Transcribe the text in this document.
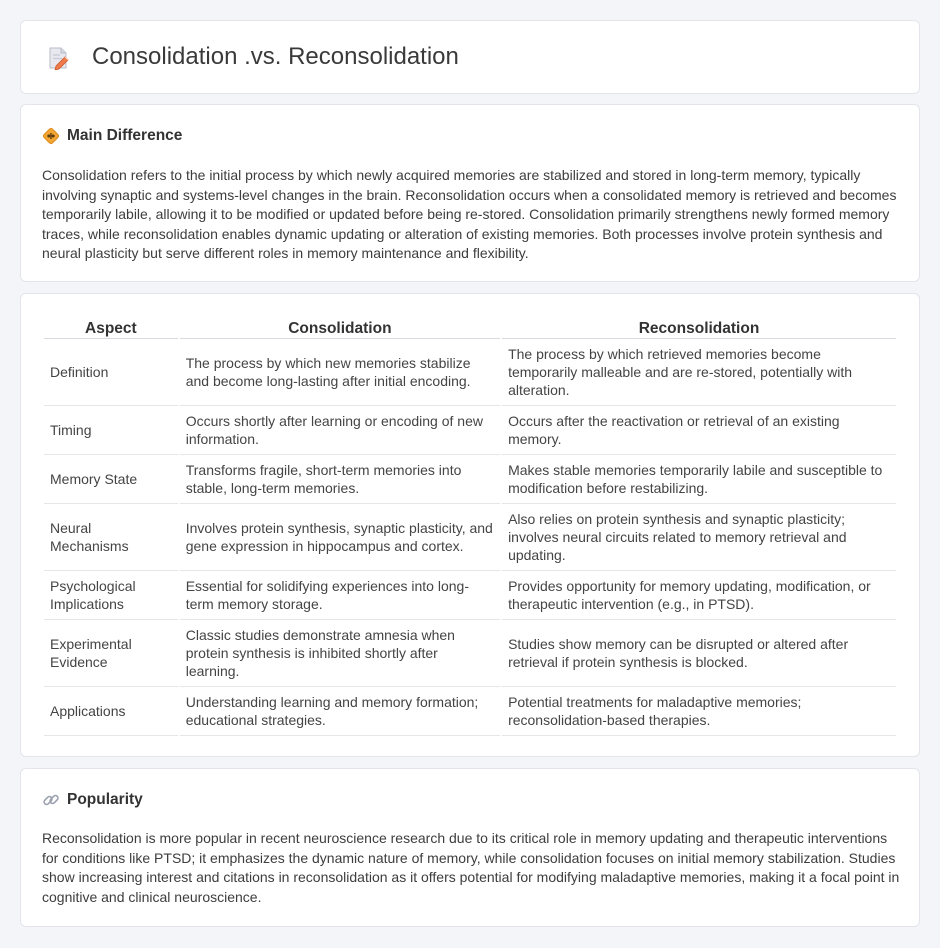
Consolidation .vs. Reconsolidation
Main Difference

Consolidation refers to the initial process by which newly acquired memories are stabilized and stored in long-term memory, typically involving synaptic and systems-level changes in the brain. Reconsolidation occurs when a consolidated memory is retrieved and becomes temporarily labile, allowing it to be modified or updated before being re-stored. Consolidation primarily strengthens newly formed memory traces, while reconsolidation enables dynamic updating or alteration of existing memories. Both processes involve protein synthesis and neural plasticity but serve different roles in memory maintenance and flexibility.

Aspect	Consolidation	Reconsolidation
Definition	The process by which new memories stabilize and become long-lasting after initial encoding.	The process by which retrieved memories become temporarily malleable and are re-stored, potentially with alteration.
Timing	Occurs shortly after learning or encoding of new information.	Occurs after the reactivation or retrieval of an existing memory.
Memory State	Transforms fragile, short-term memories into stable, long-term memories.	Makes stable memories temporarily labile and susceptible to modification before restabilizing.
Neural Mechanisms	Involves protein synthesis, synaptic plasticity, and gene expression in hippocampus and cortex.	Also relies on protein synthesis and synaptic plasticity; involves neural circuits related to memory retrieval and updating.
Psychological Implications	Essential for solidifying experiences into long-term memory storage.	Provides opportunity for memory updating, modification, or therapeutic intervention (e.g., in PTSD).
Experimental Evidence	Classic studies demonstrate amnesia when protein synthesis is inhibited shortly after learning.	Studies show memory can be disrupted or altered after retrieval if protein synthesis is blocked.
Applications	Understanding learning and memory formation; educational strategies.	Potential treatments for maladaptive memories; reconsolidation-based therapies.
Popularity

Reconsolidation is more popular in recent neuroscience research due to its critical role in memory updating and therapeutic interventions for conditions like PTSD; it emphasizes the dynamic nature of memory, while consolidation focuses on initial memory stabilization. Studies show increasing interest and citations in reconsolidation as it offers potential for modifying maladaptive memories, making it a focal point in cognitive and clinical neuroscience.
